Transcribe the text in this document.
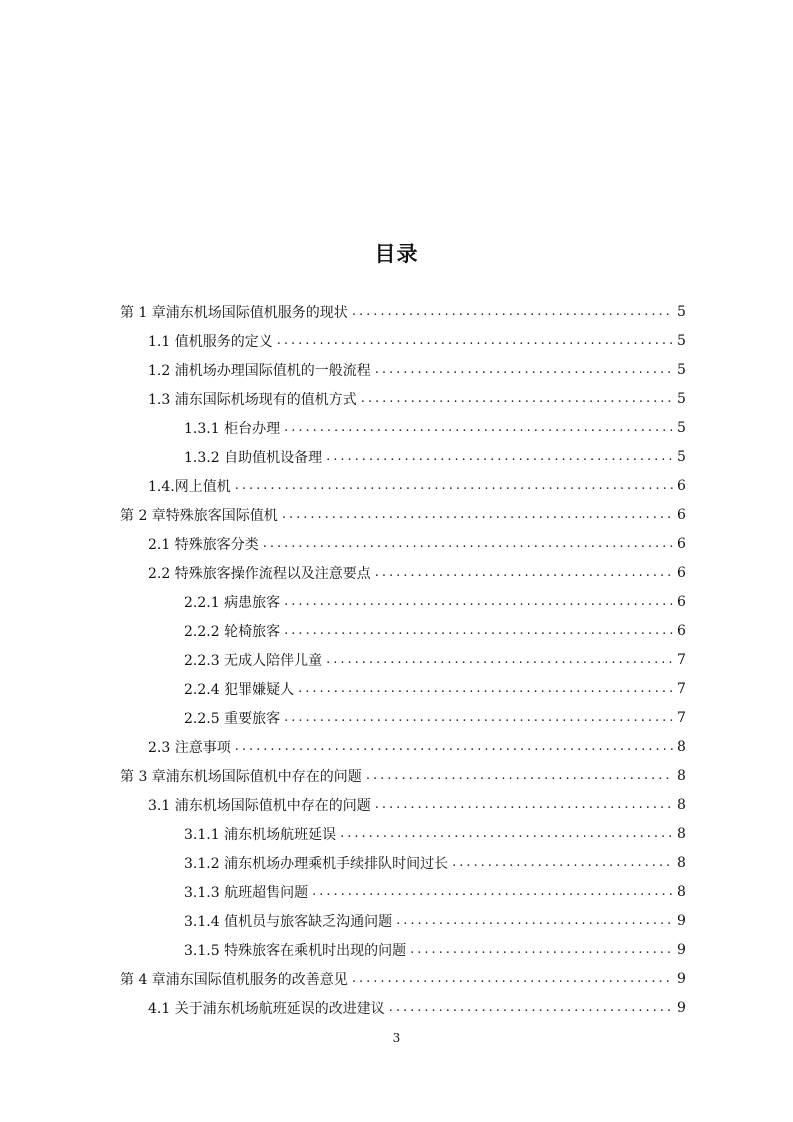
目录
第 1 章浦东机场国际值机服务的现状 .....	5
1.1 值机服务的定义 .....	5
1.2 浦机场办理国际值机的一般流程 .....	5
1.3 浦东国际机场现有的值机方式 .....	5
1.3.1 柜台办理 .....	5
1.3.2 自助值机设备理 .....	5
1.4.网上值机 .....	6
第 2 章特殊旅客国际值机 .....	6
2.1 特殊旅客分类 .....	6
2.2 特殊旅客操作流程以及注意要点 .....	6
2.2.1 病患旅客 .....	6
2.2.2 轮椅旅客 .....	6
2.2.3 无成人陪伴儿童 .....	7
2.2.4 犯罪嫌疑人 .....	7
2.2.5 重要旅客 .....	7
2.3 注意事项 .....	8
第 3 章浦东机场国际值机中存在的问题 .....	8
3.1 浦东机场国际值机中存在的问题 .....	8
3.1.1 浦东机场航班延误 .....	8
3.1.2 浦东机场办理乘机手续排队时间过长 .....	8
3.1.3 航班超售问题 .....	8
3.1.4 值机员与旅客缺乏沟通问题 .....	9
3.1.5 特殊旅客在乘机时出现的问题 .....	9
第 4 章浦东国际值机服务的改善意见 .....	9
4.1 关于浦东机场航班延误的改进建议 .....	9
3
